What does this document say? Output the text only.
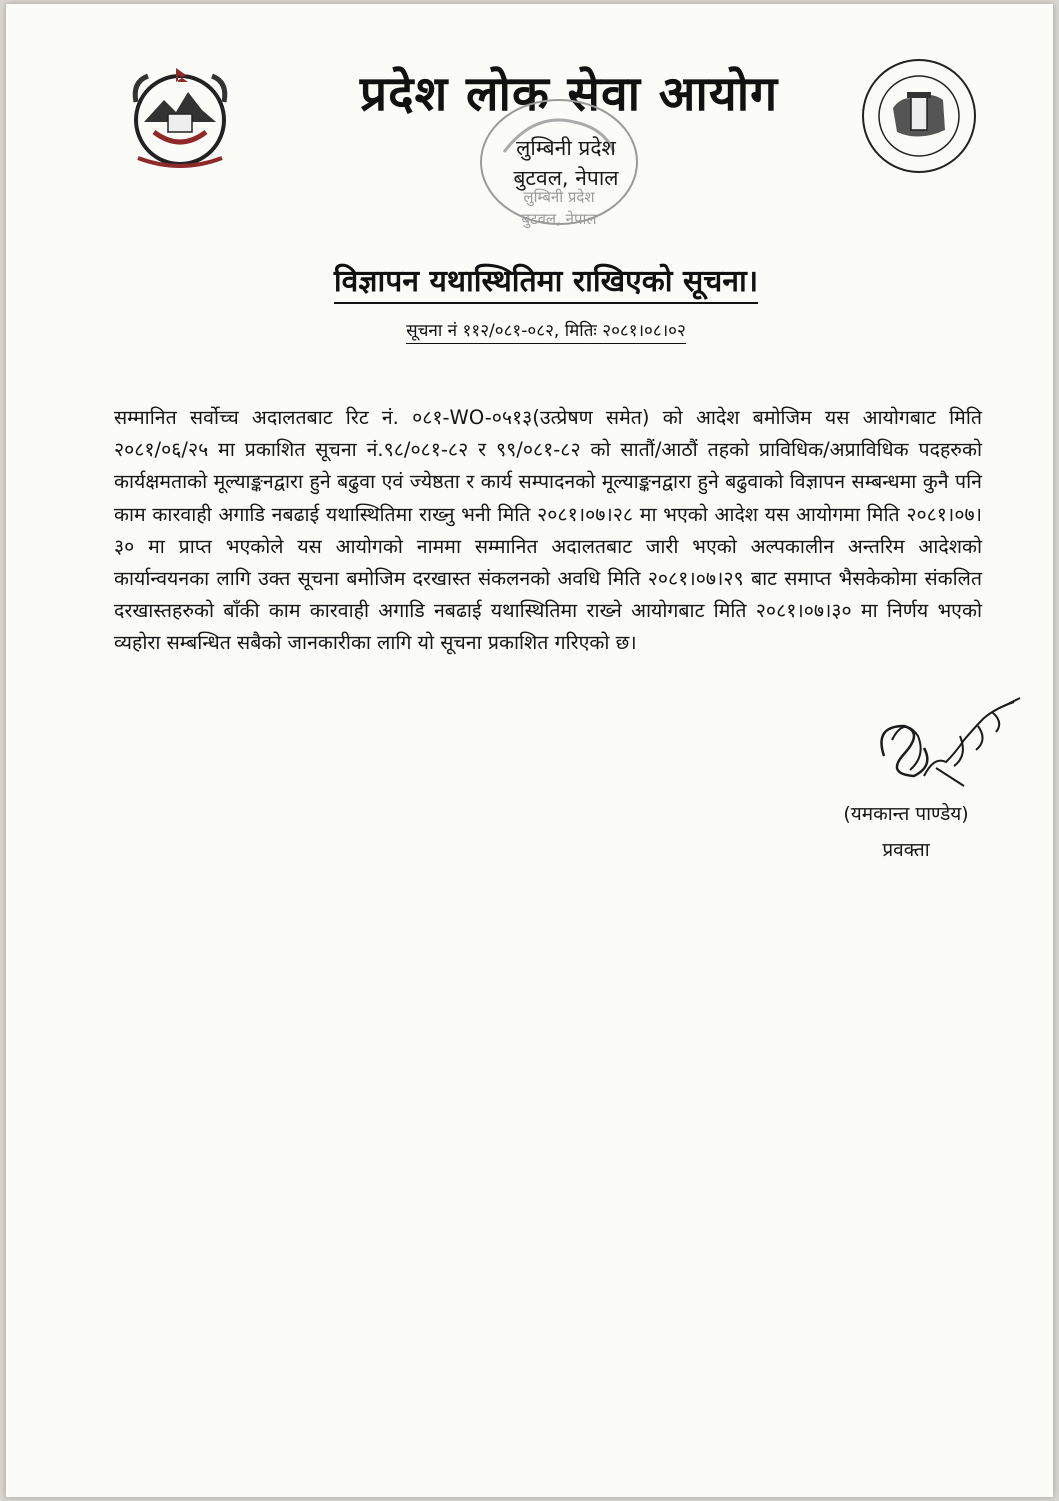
प्रदेश लोक सेवा आयोग
लुम्बिनी प्रदेश
बुटवल, नेपाल
लुम्बिनी प्रदेश
बुटवल, नेपाल
विज्ञापन यथास्थितिमा राखिएको सूचना।
सूचना नं ११२/०८१-०८२, मितिः २०८१।०८।०२
सम्मानित सर्वोच्च अदालतबाट रिट नं. ०८१-WO-०५१३(उत्प्रेषण समेत) को आदेश बमोजिम यस आयोगबाट मिति २०८१/०६/२५ मा प्रकाशित सूचना नं.९८/०८१-८२ र ९९/०८१-८२ को सातौं/आठौं तहको प्राविधिक/अप्राविधिक पदहरुको कार्यक्षमताको मूल्याङ्कनद्वारा हुने बढुवा एवं ज्येष्ठता र कार्य सम्पादनको मूल्याङ्कनद्वारा हुने बढुवाको विज्ञापन सम्बन्धमा कुनै पनि काम कारवाही अगाडि नबढाई यथास्थितिमा राख्नु भनी मिति २०८१।०७।२८ मा भएको आदेश यस आयोगमा मिति २०८१।०७।३० मा प्राप्त भएकोले यस आयोगको नाममा सम्मानित अदालतबाट जारी भएको अल्पकालीन अन्तरिम आदेशको कार्यान्वयनका लागि उक्त सूचना बमोजिम दरखास्त संकलनको अवधि मिति २०८१।०७।२९ बाट समाप्त भैसकेकोमा संकलित दरखास्तहरुको बाँकी काम कारवाही अगाडि नबढाई यथास्थितिमा राख्ने आयोगबाट मिति २०८१।०७।३० मा निर्णय भएको व्यहोरा सम्बन्धित सबैको जानकारीका लागि यो सूचना प्रकाशित गरिएको छ।
(यमकान्त पाण्डेय)
प्रवक्ता
